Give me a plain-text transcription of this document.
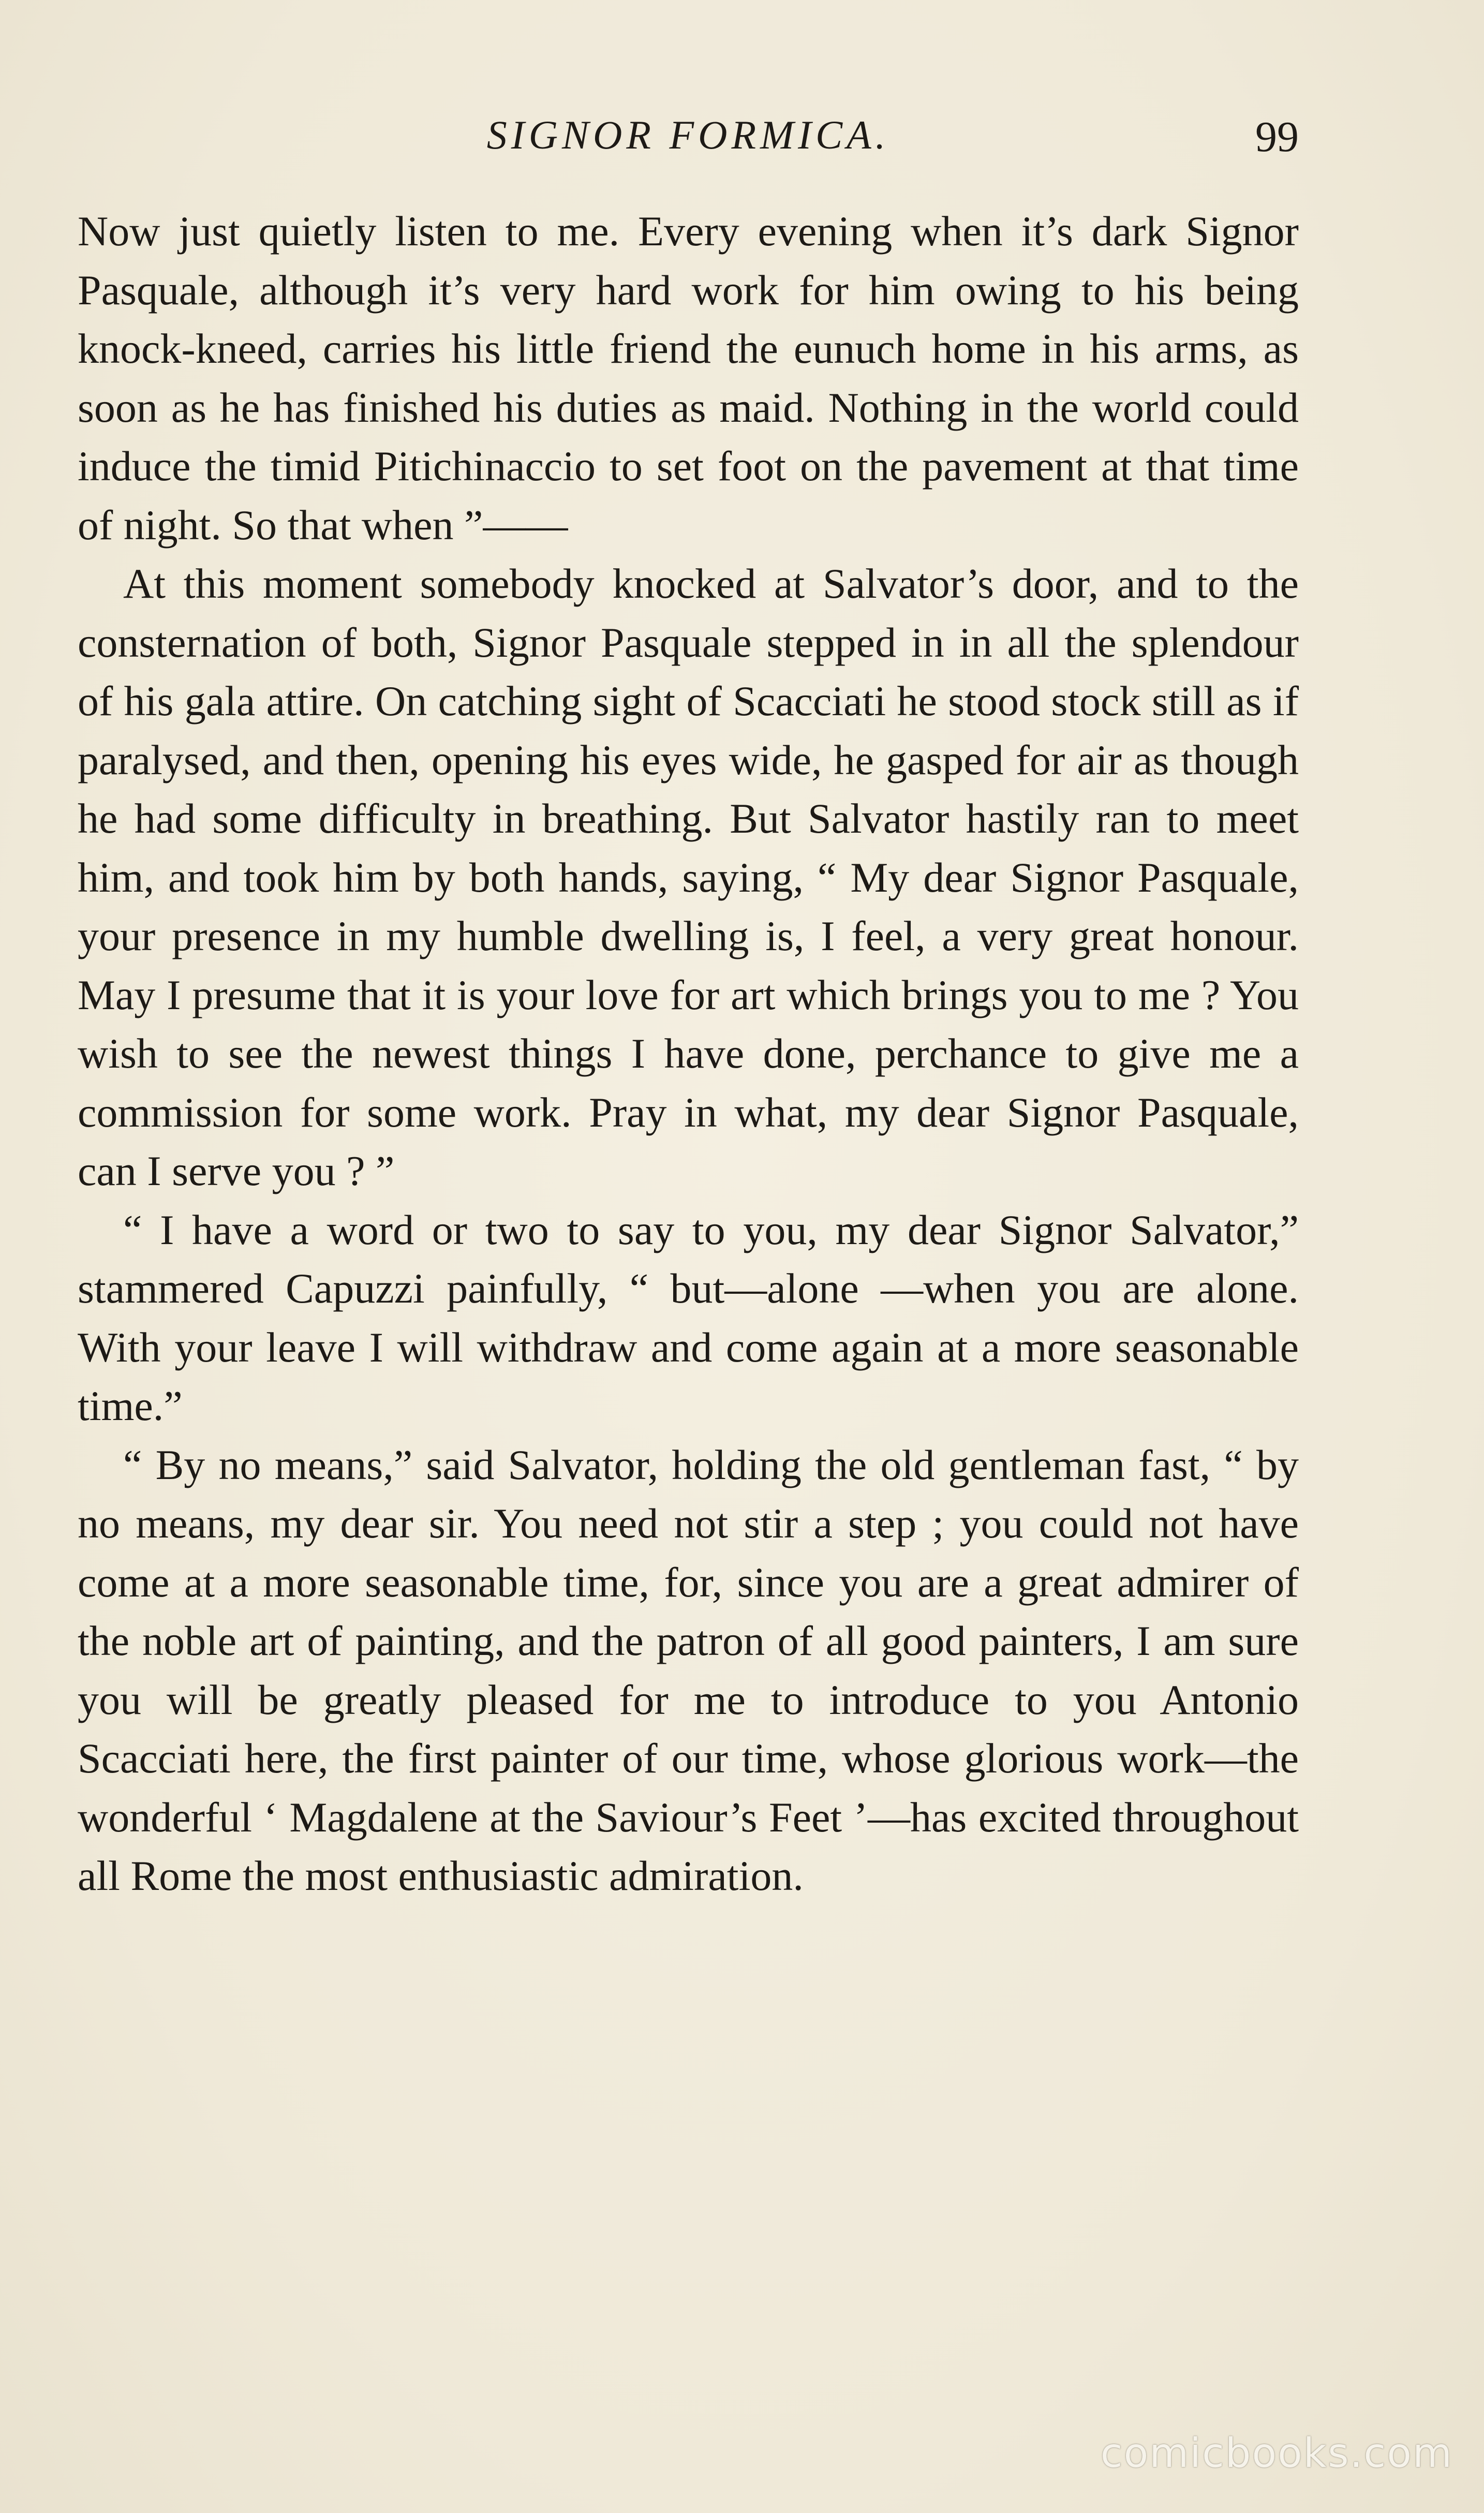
SIGNOR FORMICA.	99

Now just quietly listen to me. Every evening when it’s dark Signor Pasquale, although it’s very hard work for him owing to his being knock-kneed, carries his little friend the eunuch home in his arms, as soon as he has finished his duties as maid. Nothing in the world could induce the timid Pitichinaccio to set foot on the pavement at that time of night. So that when ”——

At this moment somebody knocked at Salvator’s door, and to the consternation of both, Signor Pasquale stepped in in all the splendour of his gala attire. On catching sight of Scacciati he stood stock still as if paralysed, and then, opening his eyes wide, he gasped for air as though he had some difficulty in breathing. But Salvator hastily ran to meet him, and took him by both hands, saying, “ My dear Signor Pasquale, your presence in my humble dwelling is, I feel, a very great honour. May I presume that it is your love for art which brings you to me ? You wish to see the newest things I have done, perchance to give me a commission for some work. Pray in what, my dear Signor Pasquale, can I serve you ? ”

“ I have a word or two to say to you, my dear Signor Salvator,” stammered Capuzzi painfully, “ but—alone —when you are alone. With your leave I will withdraw and come again at a more seasonable time.”

“ By no means,” said Salvator, holding the old gentleman fast, “ by no means, my dear sir. You need not stir a step ; you could not have come at a more seasonable time, for, since you are a great admirer of the noble art of painting, and the patron of all good painters, I am sure you will be greatly pleased for me to introduce to you Antonio Scacciati here, the first painter of our time, whose glorious work—the wonderful ‘ Magdalene at the Saviour’s Feet ’—has excited throughout all Rome the most enthusiastic admiration.

comicbooks.com
